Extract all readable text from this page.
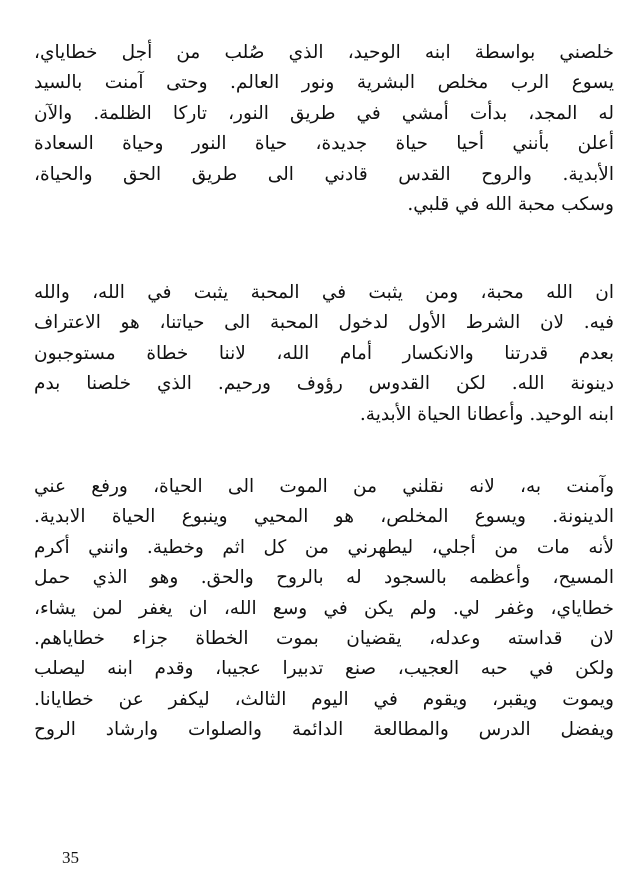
خلصني بواسطة ابنه الوحيد، الذي صُلب من أجل خطاياي،
يسوع الرب مخلص البشرية ونور العالم. وحتى آمنت بالسيد
له المجد، بدأت أمشي في طريق النور، تاركا الظلمة. والآن
أعلن بأنني أحيا حياة جديدة، حياة النور وحياة السعادة
الأبدية. والروح القدس قادني الى طريق الحق والحياة،
وسكب محبة الله في قلبي.
ان الله محبة، ومن يثبت في المحبة يثبت في الله، والله
فيه. لان الشرط الأول لدخول المحبة الى حياتنا، هو الاعتراف
بعدم قدرتنا والانكسار أمام الله، لاننا خطاة مستوجبون
دينونة الله. لكن القدوس رؤوف ورحيم. الذي خلصنا بدم
ابنه الوحيد. وأعطانا الحياة الأبدية.
وآمنت به، لانه نقلني من الموت الى الحياة، ورفع عني
الدينونة. ويسوع المخلص، هو المحيي وينبوع الحياة الابدية.
لأنه مات من أجلي، ليطهرني من كل اثم وخطية. وانني أكرم
المسيح، وأعظمه بالسجود له بالروح والحق. وهو الذي حمل
خطاياي، وغفر لي. ولم يكن في وسع الله، ان يغفر لمن يشاء،
لان قداسته وعدله، يقضيان بموت الخطاة جزاء خطاياهم.
ولكن في حبه العجيب، صنع تدبيرا عجيبا، وقدم ابنه ليصلب
ويموت ويقبر، ويقوم في اليوم الثالث، ليكفر عن خطايانا.
ويفضل الدرس والمطالعة الدائمة والصلوات وارشاد الروح
35
